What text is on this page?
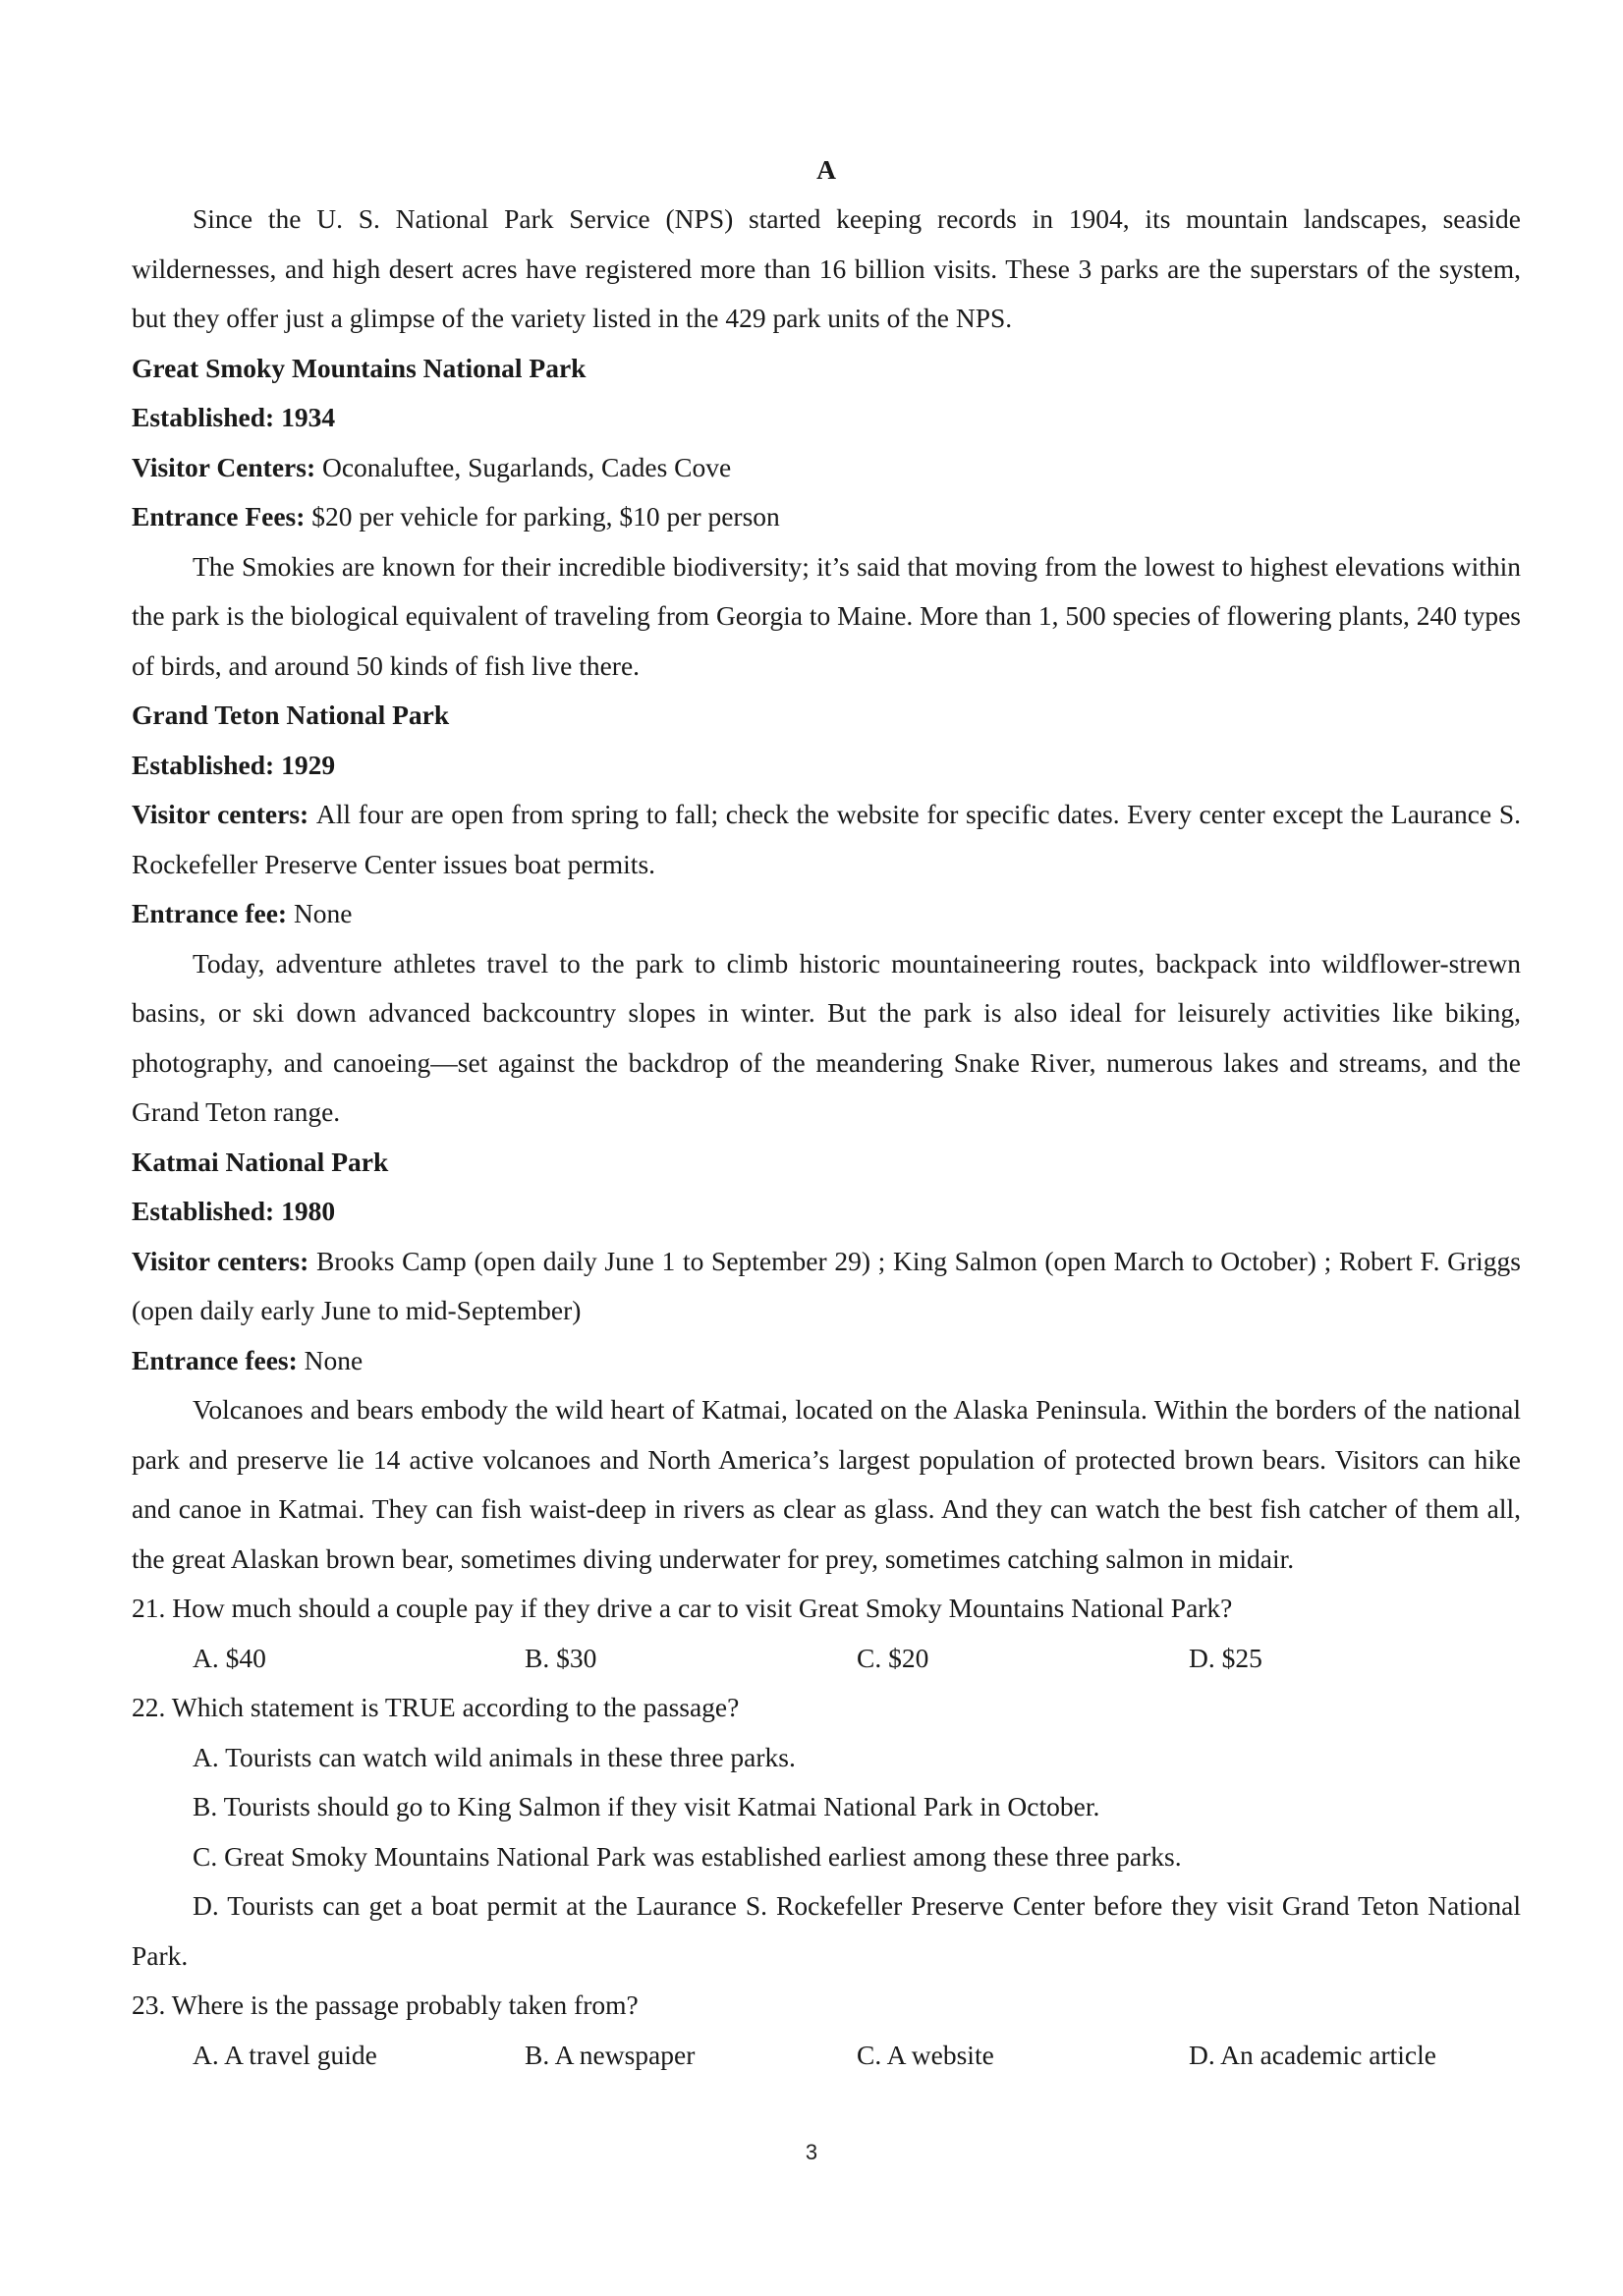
A

Since the U. S. National Park Service (NPS) started keeping records in 1904, its mountain landscapes, seaside wildernesses, and high desert acres have registered more than 16 billion visits. These 3 parks are the superstars of the system, but they offer just a glimpse of the variety listed in the 429 park units of the NPS.

Great Smoky Mountains National Park

Established: 1934

Visitor Centers: Oconaluftee, Sugarlands, Cades Cove

Entrance Fees: $20 per vehicle for parking, $10 per person

The Smokies are known for their incredible biodiversity; it’s said that moving from the lowest to highest elevations within the park is the biological equivalent of traveling from Georgia to Maine. More than 1, 500 species of flowering plants, 240 types of birds, and around 50 kinds of fish live there.

Grand Teton National Park

Established: 1929

Visitor centers: All four are open from spring to fall; check the website for specific dates. Every center except the Laurance S. Rockefeller Preserve Center issues boat permits.

Entrance fee: None

Today, adventure athletes travel to the park to climb historic mountaineering routes, backpack into wildflower-strewn basins, or ski down advanced backcountry slopes in winter. But the park is also ideal for leisurely activities like biking, photography, and canoeing—set against the backdrop of the meandering Snake River, numerous lakes and streams, and the Grand Teton range.

Katmai National Park

Established: 1980

Visitor centers: Brooks Camp (open daily June 1 to September 29) ; King Salmon (open March to October) ; Robert F. Griggs (open daily early June to mid-September)

Entrance fees: None

Volcanoes and bears embody the wild heart of Katmai, located on the Alaska Peninsula. Within the borders of the national park and preserve lie 14 active volcanoes and North America’s largest population of protected brown bears. Visitors can hike and canoe in Katmai. They can fish waist-deep in rivers as clear as glass. And they can watch the best fish catcher of them all, the great Alaskan brown bear, sometimes diving underwater for prey, sometimes catching salmon in midair.

21. How much should a couple pay if they drive a car to visit Great Smoky Mountains National Park?

A. $40	B. $30	C. $20	D. $25

22. Which statement is TRUE according to the passage?

A. Tourists can watch wild animals in these three parks.

B. Tourists should go to King Salmon if they visit Katmai National Park in October.

C. Great Smoky Mountains National Park was established earliest among these three parks.

D. Tourists can get a boat permit at the Laurance S. Rockefeller Preserve Center before they visit Grand Teton National Park.

23. Where is the passage probably taken from?

A. A travel guide	B. A newspaper	C. A website	D. An academic article
3
